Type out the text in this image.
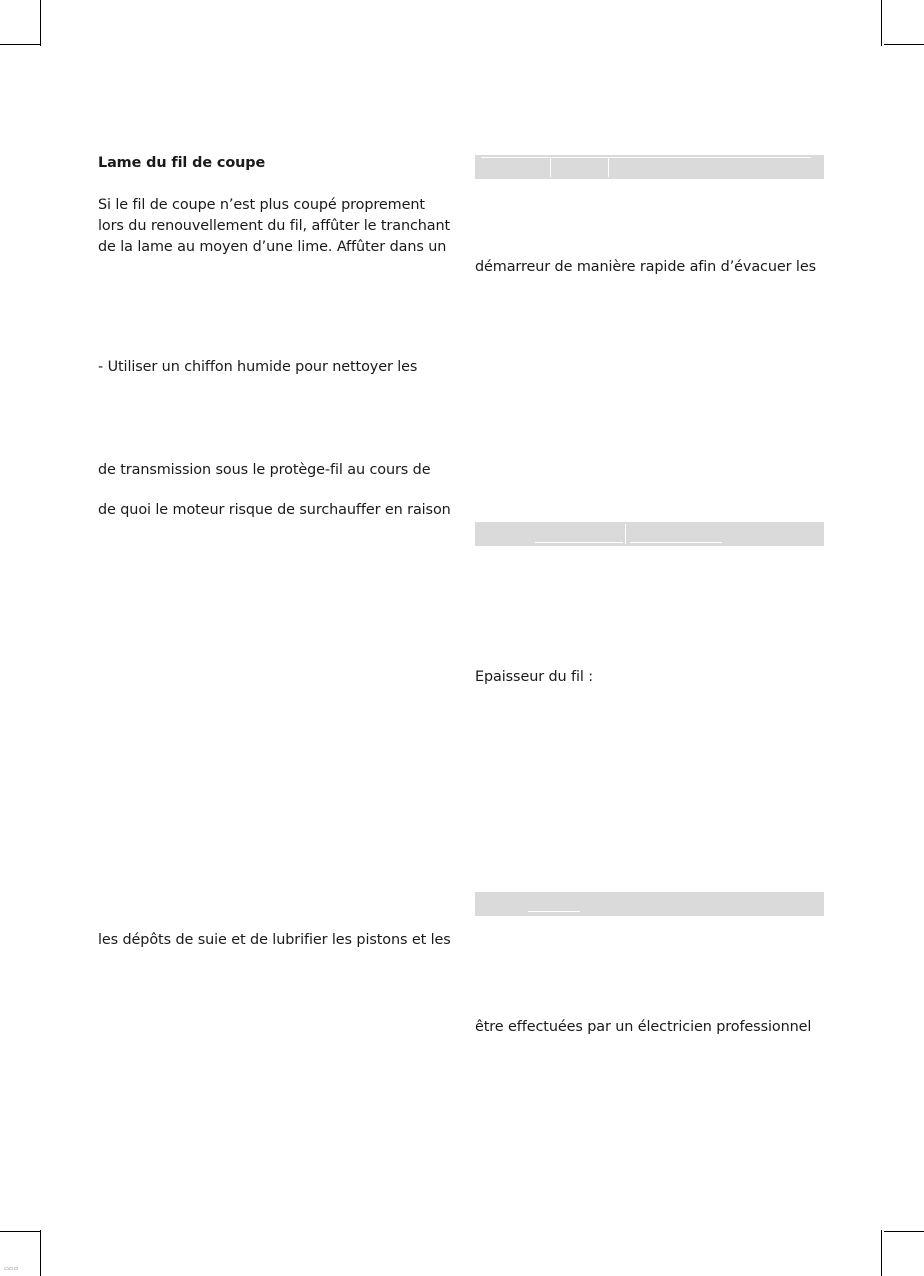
Lame du fil de coupe
Si le fil de coupe n’est plus coupé proprement
lors du renouvellement du fil, affûter le tranchant
de la lame au moyen d’une lime. Affûter dans un
- Utiliser un chiffon humide pour nettoyer les
de transmission sous le protège-fil au cours de
de quoi le moteur risque de surchauffer en raison
les dépôts de suie et de lubrifier les pistons et les
démarreur de manière rapide afin d’évacuer les
Epaisseur du fil :
être effectuées par un électricien professionnel
▭▭▭
